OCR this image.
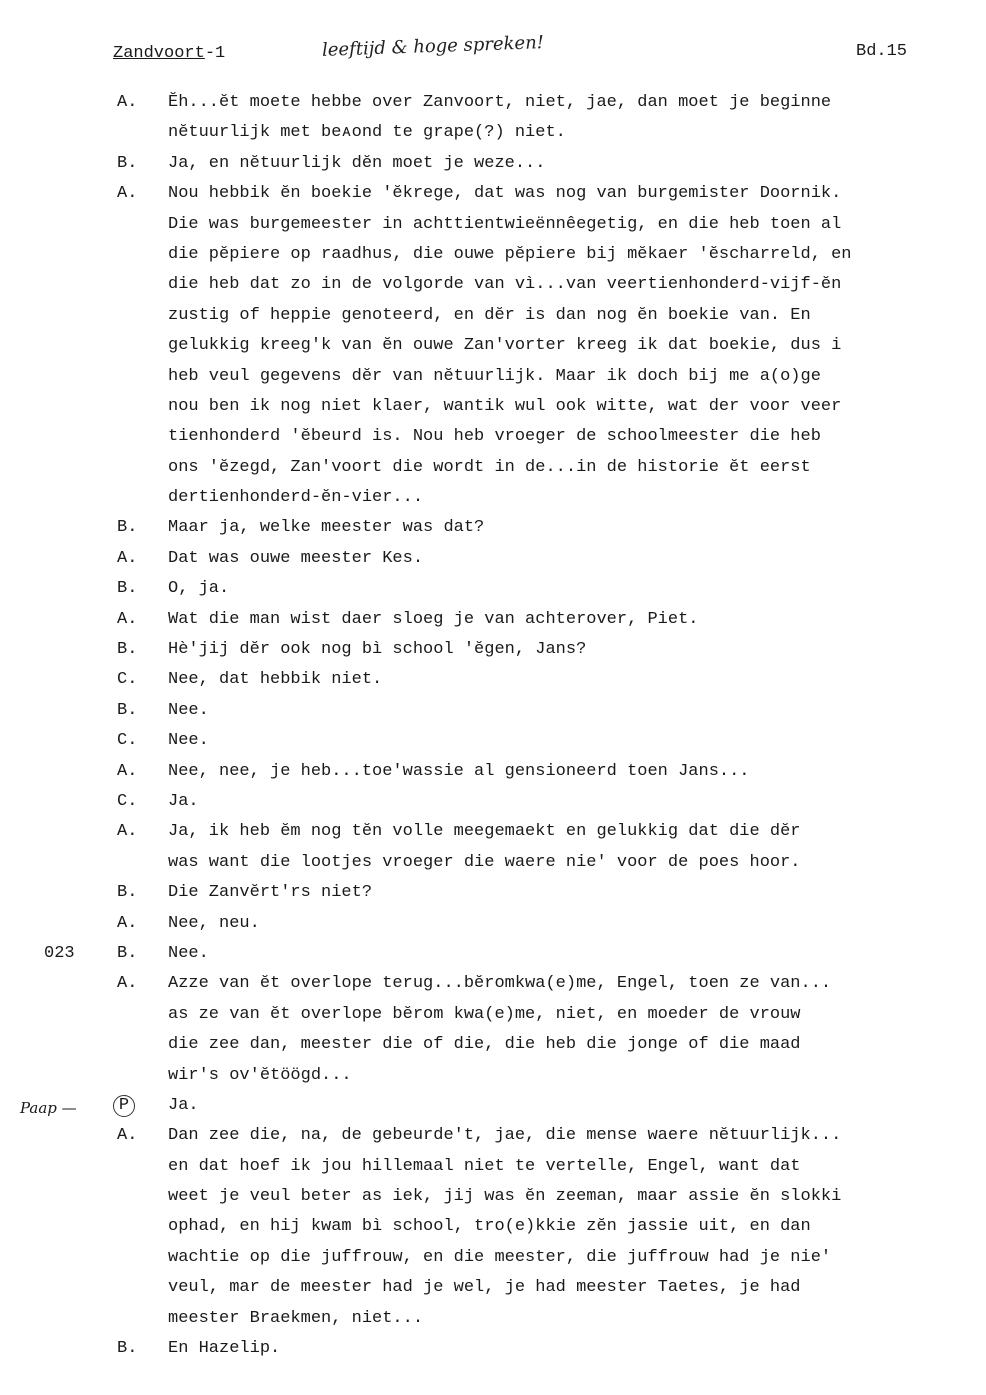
Zandvoort-1	leeftijd & hoge spreken!	Bd.15
A. Ĕh...ĕt moete hebbe over Zanvoort, niet, jae, dan moet je beginne
nĕtuurlijk met beᴀond te grape(?) niet.
B. Ja, en nĕtuurlijk dĕn moet je weze...
A. Nou hebbik ĕn boekie 'ĕkrege, dat was nog van burgemister Doornik.
Die was burgemeester in achttientwieënnêegetig, en die heb toen al
die pĕpiere op raadhus, die ouwe pĕpiere bij mĕkaer 'ĕscharreld, en
die heb dat zo in de volgorde van vì...van veertienhonderd-vijf-ĕn
zustig of heppie genoteerd, en dĕr is dan nog ĕn boekie van. En
gelukkig kreeg'k van ĕn ouwe Zan'vorter kreeg ik dat boekie, dus i
heb veul gegevens dĕr van nĕtuurlijk. Maar ik doch bij me a(o)ge
nou ben ik nog niet klaer, wantik wul ook witte, wat der voor veer
tienhonderd 'ĕbeurd is. Nou heb vroeger de schoolmeester die heb
ons 'ĕzegd, Zan'voort die wordt in de...in de historie ĕt eerst
dertienhonderd-ĕn-vier...
B. Maar ja, welke meester was dat?
A. Dat was ouwe meester Kes.
B. O, ja.
A. Wat die man wist daer sloeg je van achterover, Piet.
B. Hè'jij dĕr ook nog bì school 'ĕgen, Jans?
C. Nee, dat hebbik niet.
B. Nee.
C. Nee.
A. Nee, nee, je heb...toe'wassie al gensioneerd toen Jans...
C. Ja.
A. Ja, ik heb ĕm nog tĕn volle meegemaekt en gelukkig dat die dĕr
was want die lootjes vroeger die waere nie' voor de poes hoor.
B. Die Zanvĕrt'rs niet?
A. Nee, neu.
023 B. Nee.
A. Azze van ĕt overlope terug...bĕromkwa(e)me, Engel, toen ze van...
as ze van ĕt overlope bĕrom kwa(e)me, niet, en moeder de vrouw
die zee dan, meester die of die, die heb die jonge of die maad
wir's ov'ĕtöögd...
Paap — P	Ja.
A. Dan zee die, na, de gebeurde't, jae, die mense waere nĕtuurlijk...
en dat hoef ik jou hillemaal niet te vertelle, Engel, want dat
weet je veul beter as iek, jij was ĕn zeeman, maar assie ĕn slokki
ophad, en hij kwam bì school, tro(e)kkie zĕn jassie uit, en dan
wachtie op die juffrouw, en die meester, die juffrouw had je nie'
veul, mar de meester had je wel, je had meester Taetes, je had
meester Braekmen, niet...
B. En Hazelip.
